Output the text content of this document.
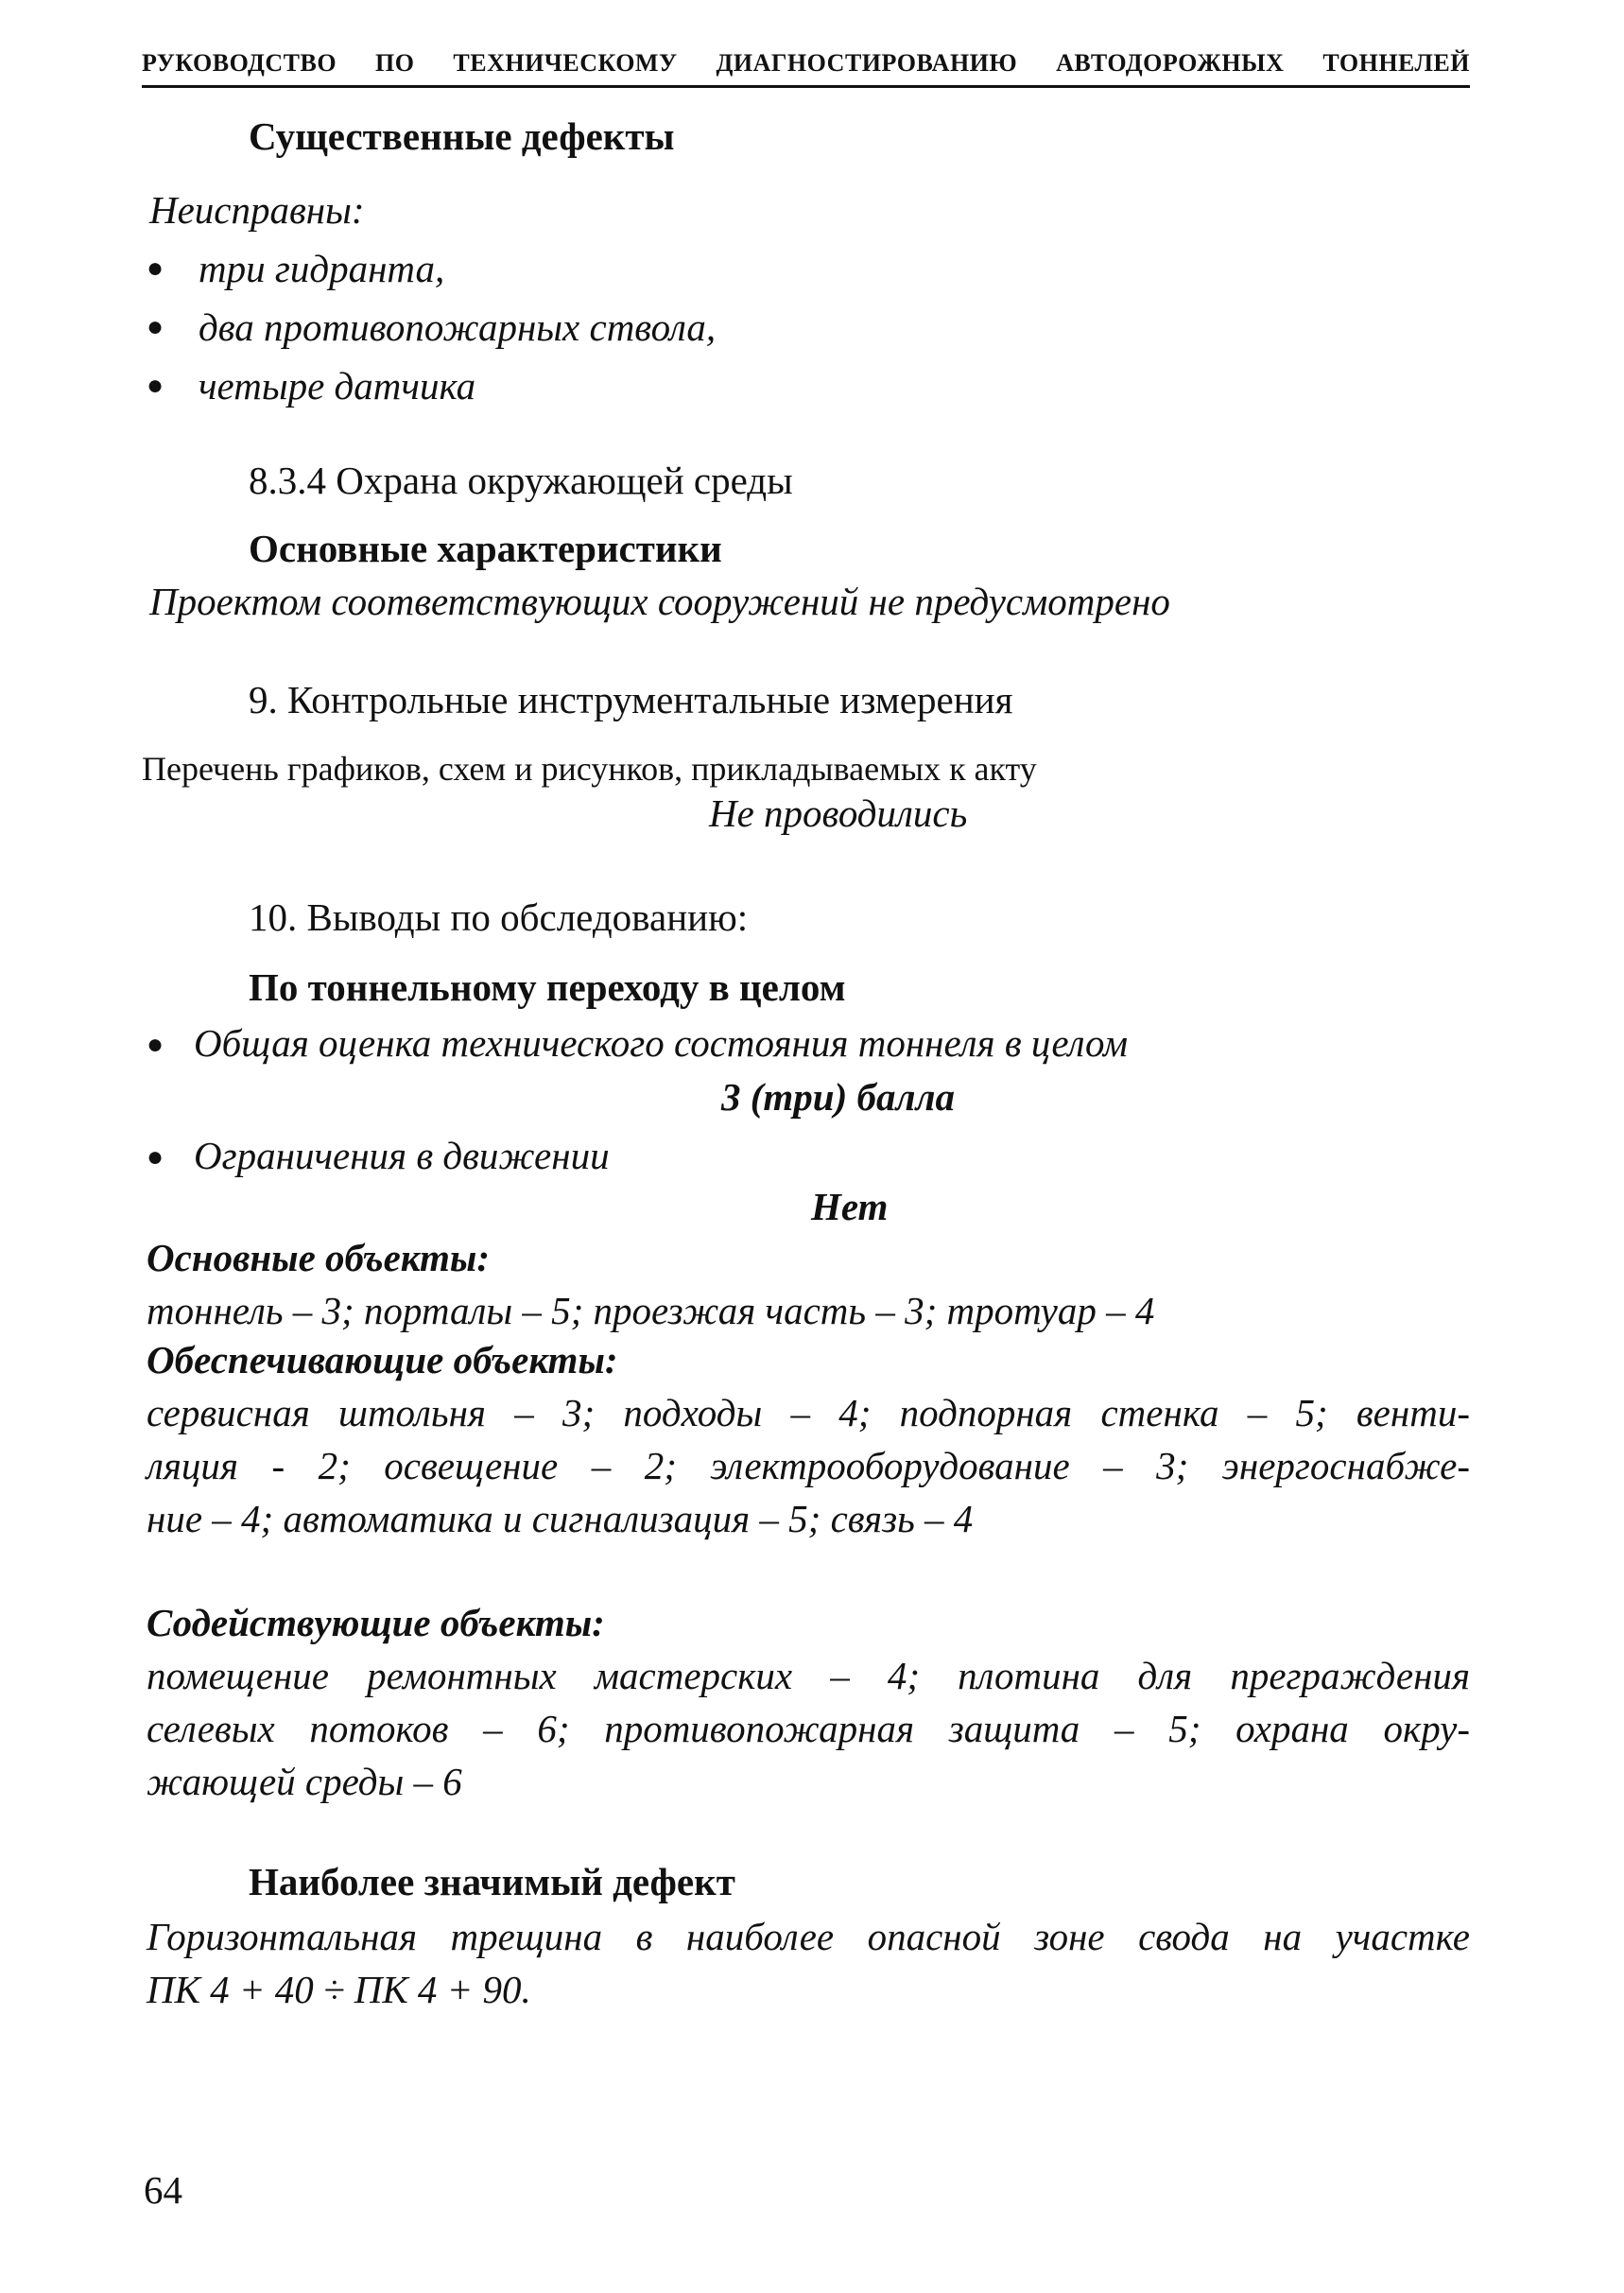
РУКОВОДСТВО ПО ТЕХНИЧЕСКОМУ ДИАГНОСТИРОВАНИЮ АВТОДОРОЖНЫХ ТОННЕЛЕЙ
Существенные дефекты
Неисправны:
● три гидранта,
● два противопожарных ствола,
● четыре датчика
8.3.4 Охрана окружающей среды
Основные характеристики
Проектом соответствующих сооружений не предусмотрено
9. Контрольные инструментальные измерения
Перечень графиков, схем и рисунков, прикладываемых к акту
Не проводились
10. Выводы по обследованию:
По тоннельному переходу в целом
● Общая оценка технического состояния тоннеля в целом
3 (три) балла
● Ограничения в движении
Нет
Основные объекты:
тоннель – 3; порталы – 5; проезжая часть – 3; тротуар – 4
Обеспечивающие объекты:
сервисная штольня – 3; подходы – 4; подпорная стенка – 5; венти-
ляция - 2; освещение – 2; электрооборудование – 3; энергоснабже-
ние – 4; автоматика и сигнализация – 5; связь – 4
Содействующие объекты:
помещение ремонтных мастерских – 4; плотина для преграждения
селевых потоков – 6; противопожарная защита – 5; охрана окру-
жающей среды – 6
Наиболее значимый дефект
Горизонтальная трещина в наиболее опасной зоне свода на участке
ПК 4 + 40 ÷ ПК 4 + 90.
64
